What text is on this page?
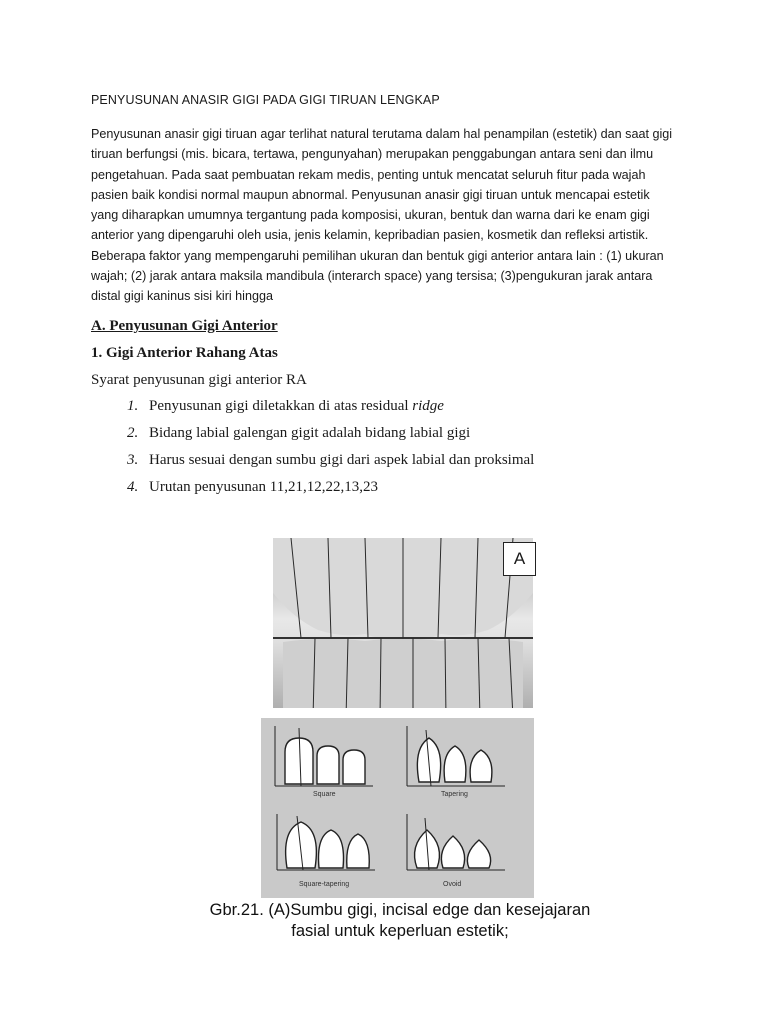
PENYUSUNAN ANASIR GIGI PADA GIGI TIRUAN LENGKAP
Penyusunan anasir gigi tiruan agar terlihat natural terutama dalam hal penampilan (estetik) dan saat gigi
tiruan berfungsi (mis. bicara, tertawa, pengunyahan) merupakan penggabungan antara seni dan ilmu
pengetahuan. Pada saat pembuatan rekam medis, penting untuk mencatat seluruh fitur pada wajah
pasien baik kondisi normal maupun abnormal. Penyusunan anasir gigi tiruan untuk mencapai estetik
yang diharapkan umumnya tergantung pada komposisi, ukuran, bentuk dan warna dari ke enam gigi
anterior yang dipengaruhi oleh usia, jenis kelamin, kepribadian pasien, kosmetik dan refleksi artistik.
Beberapa faktor yang mempengaruhi pemilihan ukuran dan bentuk gigi anterior antara lain : (1) ukuran
wajah; (2) jarak antara maksila mandibula (interarch space) yang tersisa; (3)pengukuran jarak antara
distal gigi kaninus sisi kiri hingga
A. Penyusunan Gigi Anterior
1. Gigi Anterior Rahang Atas
Syarat penyusunan gigi anterior RA
1. Penyusunan gigi diletakkan di atas residual ridge
2. Bidang labial galengan gigit adalah bidang labial gigi
3. Harus sesuai dengan sumbu gigi dari aspek labial dan proksimal
4. Urutan penyusunan 11,21,12,22,13,23
A
Square	Tapering
Square-tapering	Ovoid
Gbr.21. (A)Sumbu gigi, incisal edge dan kesejajaran
fasial untuk keperluan estetik;
